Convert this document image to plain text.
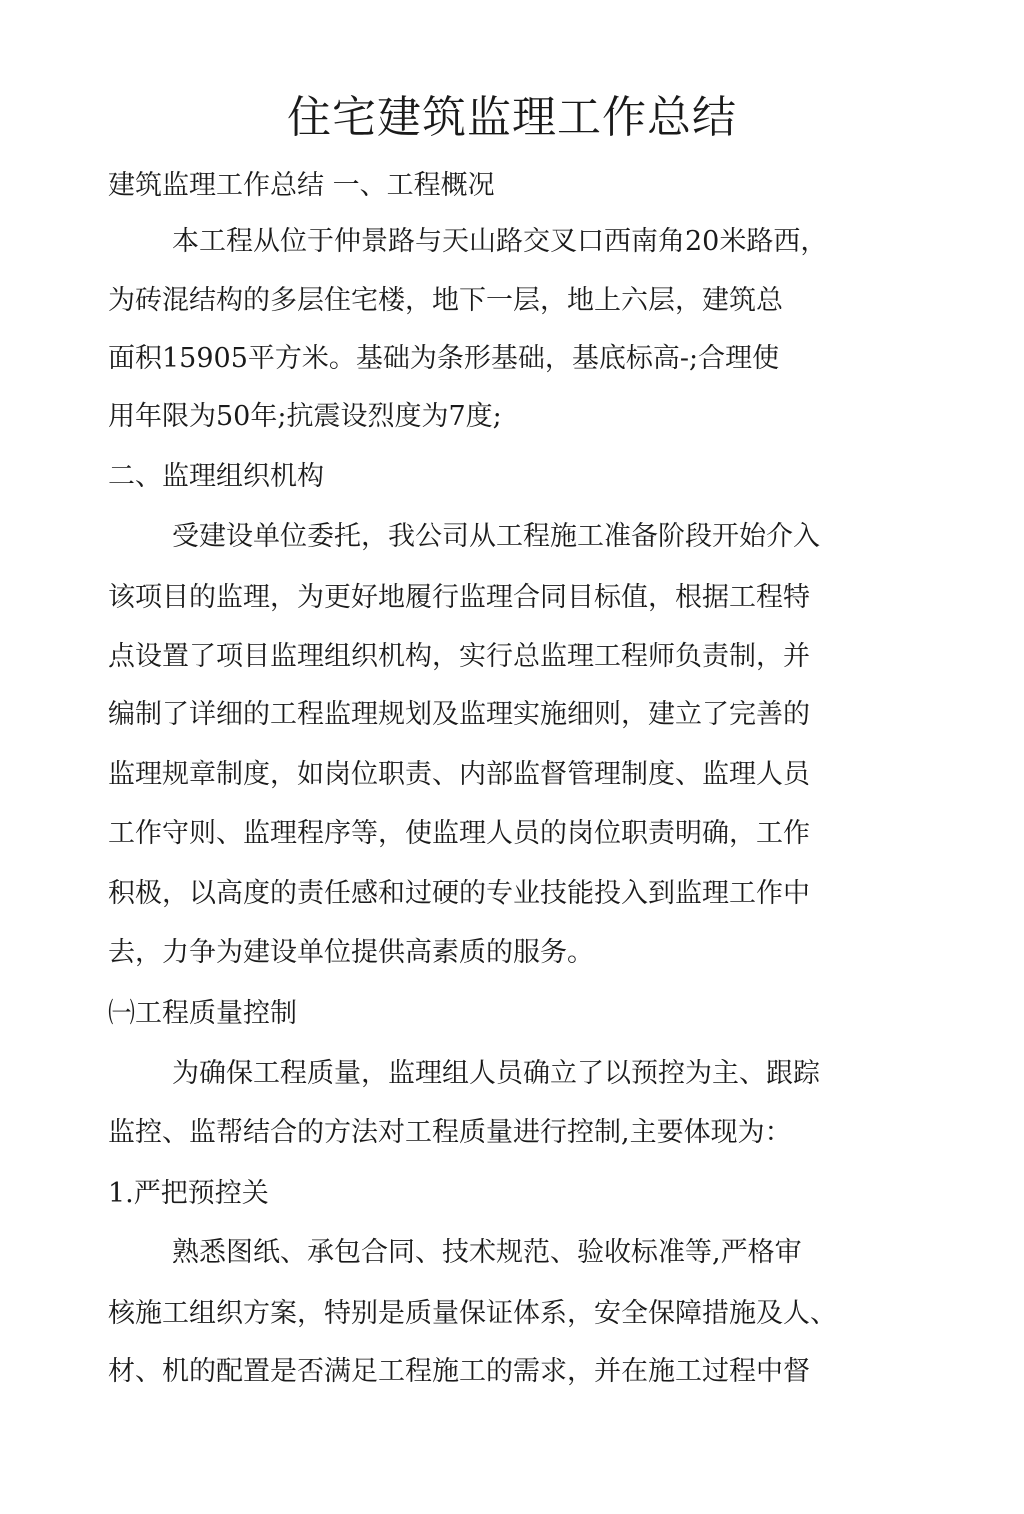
住宅建筑监理工作总结

建筑监理工作总结 一、工程概况

本工程从位于仲景路与天山路交叉口西南角20米路西，

为砖混结构的多层住宅楼，地下一层，地上六层，建筑总

面积15905平方米。基础为条形基础，基底标高-;合理使

用年限为50年;抗震设烈度为7度;

二、监理组织机构

受建设单位委托，我公司从工程施工准备阶段开始介入

该项目的监理，为更好地履行监理合同目标值，根据工程特

点设置了项目监理组织机构，实行总监理工程师负责制，并

编制了详细的工程监理规划及监理实施细则，建立了完善的

监理规章制度，如岗位职责、内部监督管理制度、监理人员

工作守则、监理程序等，使监理人员的岗位职责明确，工作

积极，以高度的责任感和过硬的专业技能投入到监理工作中

去，力争为建设单位提供高素质的服务。

㈠工程质量控制

为确保工程质量，监理组人员确立了以预控为主、跟踪

监控、监帮结合的方法对工程质量进行控制,主要体现为：

1.严把预控关

熟悉图纸、承包合同、技术规范、验收标准等,严格审

核施工组织方案，特别是质量保证体系，安全保障措施及人、

材、机的配置是否满足工程施工的需求，并在施工过程中督
